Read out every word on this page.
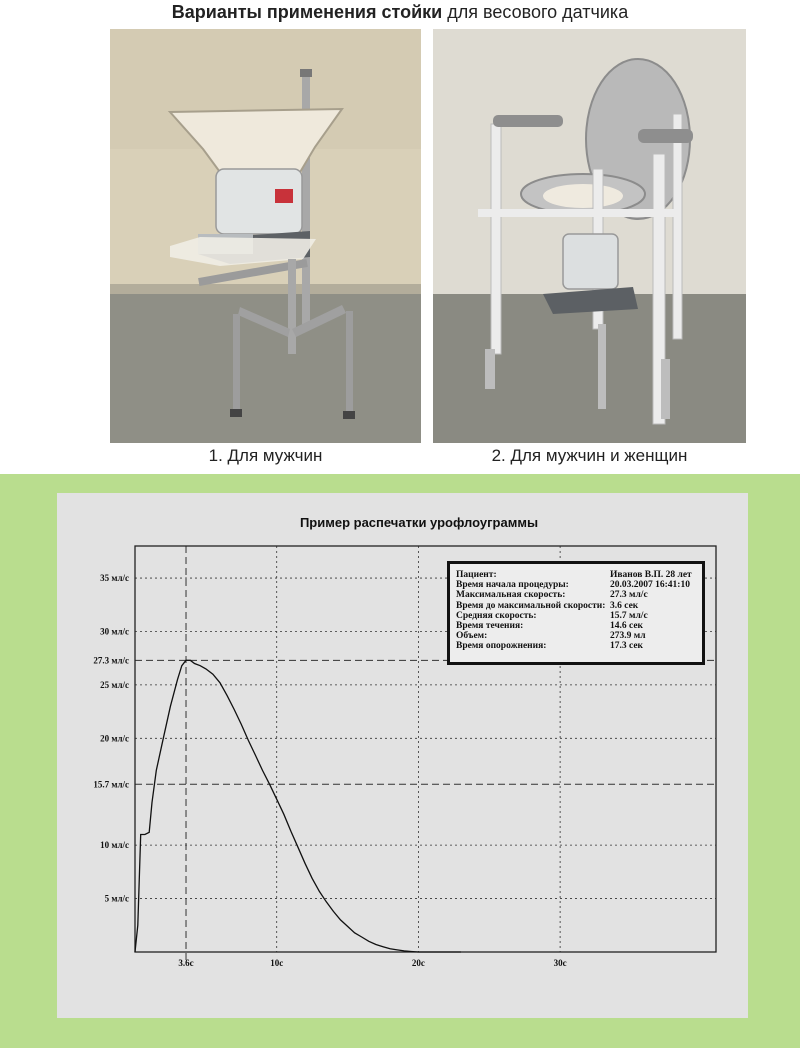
Варианты применения стойки для весового датчика
1. Для мужчин	2. Для мужчин и женщин
Пример распечатки урофлоуграммы
5 мл/с
10 мл/с
15.7 мл/с
20 мл/с
25 мл/с
27.3 мл/с
30 мл/с
35 мл/с
3.6с	10с	20с	30с
Пациент:	Иванов В.П. 28 лет
Время начала процедуры:	20.03.2007 16:41:10
Максимальная скорость:	27.3 мл/с
Время до максимальной скорости: 3.6 сек
Средняя скорость:	15.7 мл/с
Время течения:	14.6 сек
Объем:	273.9 мл
Время опорожнения:	17.3 сек
